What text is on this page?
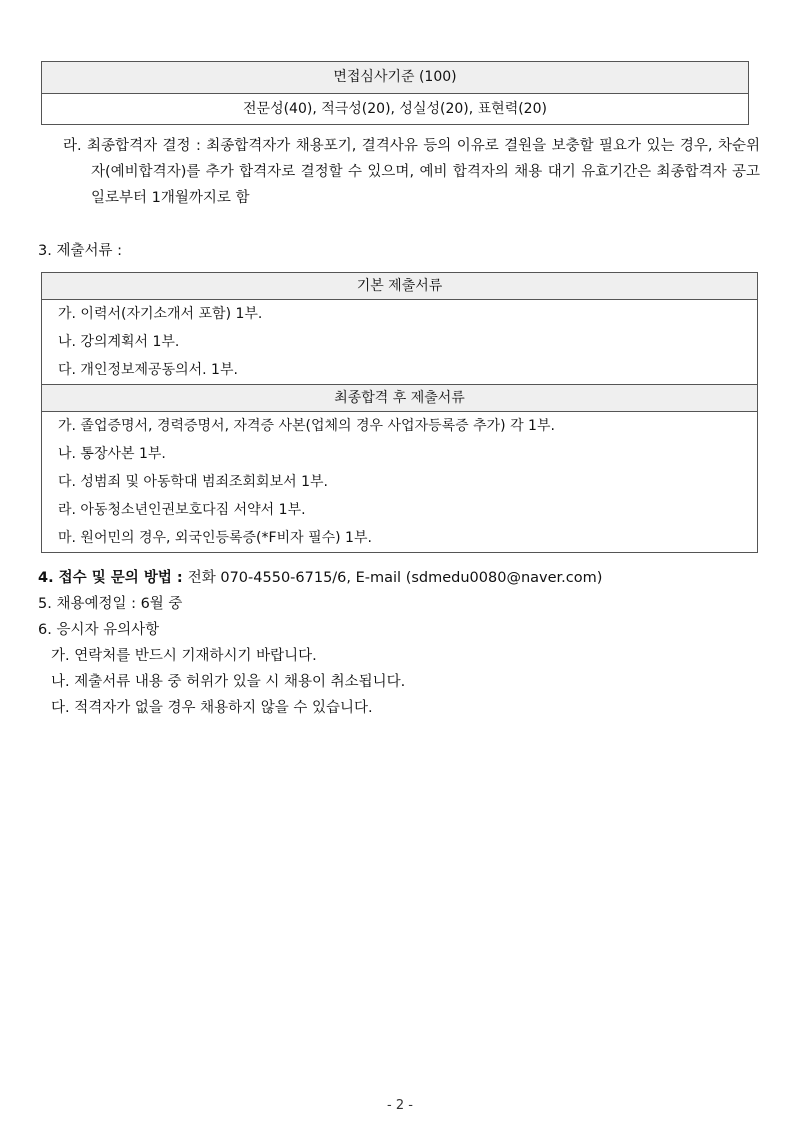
면접심사기준 (100)
전문성(40), 적극성(20), 성실성(20), 표현력(20)
라. 최종합격자 결정 : 최종합격자가 채용포기, 결격사유 등의 이유로 결원을 보충할 필요가 있는 경우, 차순위자(예비합격자)를 추가 합격자로 결정할 수 있으며, 예비 합격자의 채용 대기 유효기간은 최종합격자 공고일로부터 1개월까지로 함
3. 제출서류 :
기본 제출서류
가. 이력서(자기소개서 포함) 1부.
나. 강의계획서 1부.
다. 개인정보제공동의서. 1부.
최종합격 후 제출서류
가. 졸업증명서, 경력증명서, 자격증 사본(업체의 경우 사업자등록증 추가) 각 1부.
나. 통장사본 1부.
다. 성범죄 및 아동학대 범죄조회회보서 1부.
라. 아동청소년인권보호다짐 서약서 1부.
마. 원어민의 경우, 외국인등록증(*F비자 필수) 1부.
4. 접수 및 문의 방법 : 전화 070-4550-6715/6, E-mail (sdmedu0080@naver.com)
5. 채용예정일 : 6월 중
6. 응시자 유의사항
가. 연락처를 반드시 기재하시기 바랍니다.
나. 제출서류 내용 중 허위가 있을 시 채용이 취소됩니다.
다. 적격자가 없을 경우 채용하지 않을 수 있습니다.
- 2 -
